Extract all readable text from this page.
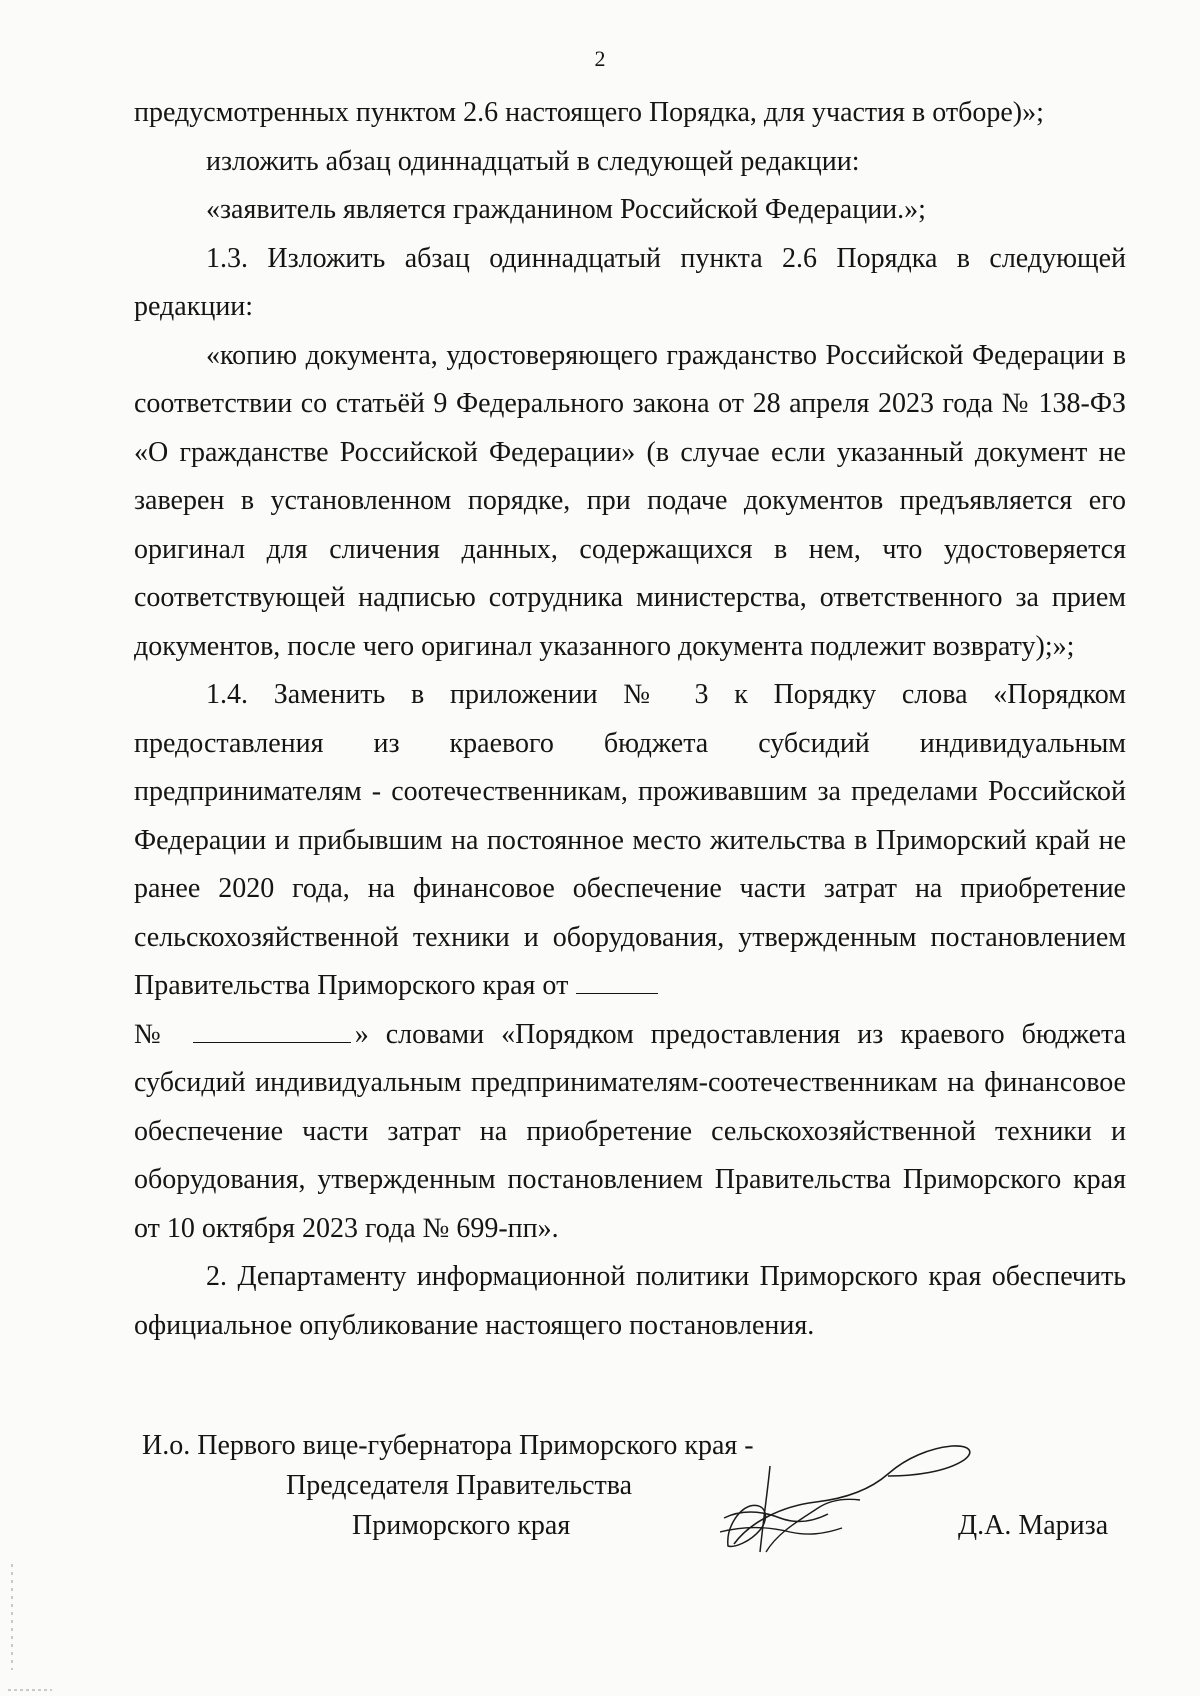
2

предусмотренных пунктом 2.6 настоящего Порядка, для участия в отборе)»;

изложить абзац одиннадцатый в следующей редакции:

«заявитель является гражданином Российской Федерации.»;

1.3. Изложить абзац одиннадцатый пункта 2.6 Порядка в следующей редакции:

«копию документа, удостоверяющего гражданство Российской Федерации в соответствии со статьёй 9 Федерального закона от 28 апреля 2023 года № 138-ФЗ «О гражданстве Российской Федерации» (в случае если указанный документ не заверен в установленном порядке, при подаче документов предъявляется его оригинал для сличения данных, содержащихся в нем, что удостоверяется соответствующей надписью сотрудника министерства, ответственного за прием документов, после чего оригинал указанного документа подлежит возврату);»;

1.4. Заменить в приложении № 3 к Порядку слова «Порядком предоставления из краевого бюджета субсидий индивидуальным предпринимателям - соотечественникам, проживавшим за пределами Российской Федерации и прибывшим на постоянное место жительства в Приморский край не ранее 2020 года, на финансовое обеспечение части затрат на приобретение сельскохозяйственной техники и оборудования, утвержденным постановлением Правительства Приморского края от
№	» словами «Порядком предоставления из краевого бюджета субсидий индивидуальным предпринимателям-соотечественникам на финансовое обеспечение части затрат на приобретение сельскохозяйственной техники и оборудования, утвержденным постановлением Правительства Приморского края от 10 октября 2023 года № 699-пп».

2. Департаменту информационной политики Приморского края обеспечить официальное опубликование настоящего постановления.

И.о. Первого вице-губернатора Приморского края -
Председателя Правительства
Приморского края	Д.А. Мариза
